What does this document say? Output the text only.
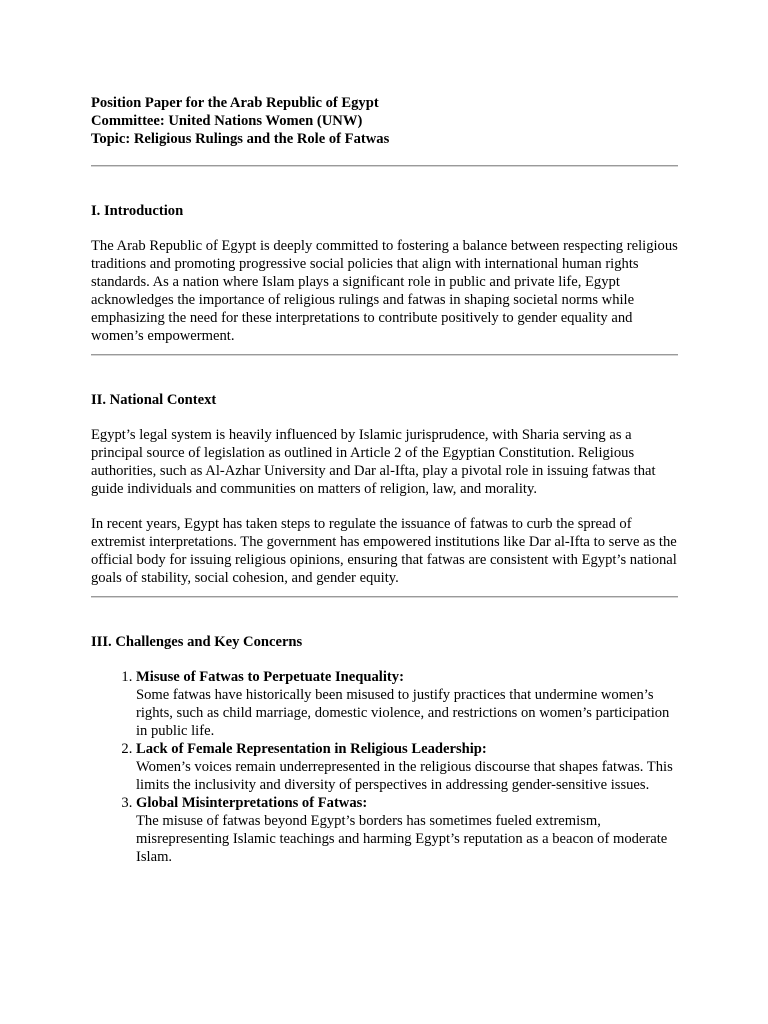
Position Paper for the Arab Republic of Egypt
Committee: United Nations Women (UNW)
Topic: Religious Rulings and the Role of Fatwas
I. Introduction

The Arab Republic of Egypt is deeply committed to fostering a balance between respecting religious traditions and promoting progressive social policies that align with international human rights standards. As a nation where Islam plays a significant role in public and private life, Egypt acknowledges the importance of religious rulings and fatwas in shaping societal norms while emphasizing the need for these interpretations to contribute positively to gender equality and women’s empowerment.

II. National Context

Egypt’s legal system is heavily influenced by Islamic jurisprudence, with Sharia serving as a principal source of legislation as outlined in Article 2 of the Egyptian Constitution. Religious authorities, such as Al-Azhar University and Dar al-Ifta, play a pivotal role in issuing fatwas that guide individuals and communities on matters of religion, law, and morality.

In recent years, Egypt has taken steps to regulate the issuance of fatwas to curb the spread of extremist interpretations. The government has empowered institutions like Dar al-Ifta to serve as the official body for issuing religious opinions, ensuring that fatwas are consistent with Egypt’s national goals of stability, social cohesion, and gender equity.

III. Challenges and Key Concerns
1. Misuse of Fatwas to Perpetuate Inequality:
Some fatwas have historically been misused to justify practices that undermine women’s rights, such as child marriage, domestic violence, and restrictions on women’s participation in public life.
2. Lack of Female Representation in Religious Leadership:
Women’s voices remain underrepresented in the religious discourse that shapes fatwas. This limits the inclusivity and diversity of perspectives in addressing gender-sensitive issues.
3. Global Misinterpretations of Fatwas:
The misuse of fatwas beyond Egypt’s borders has sometimes fueled extremism, misrepresenting Islamic teachings and harming Egypt’s reputation as a beacon of moderate Islam.
